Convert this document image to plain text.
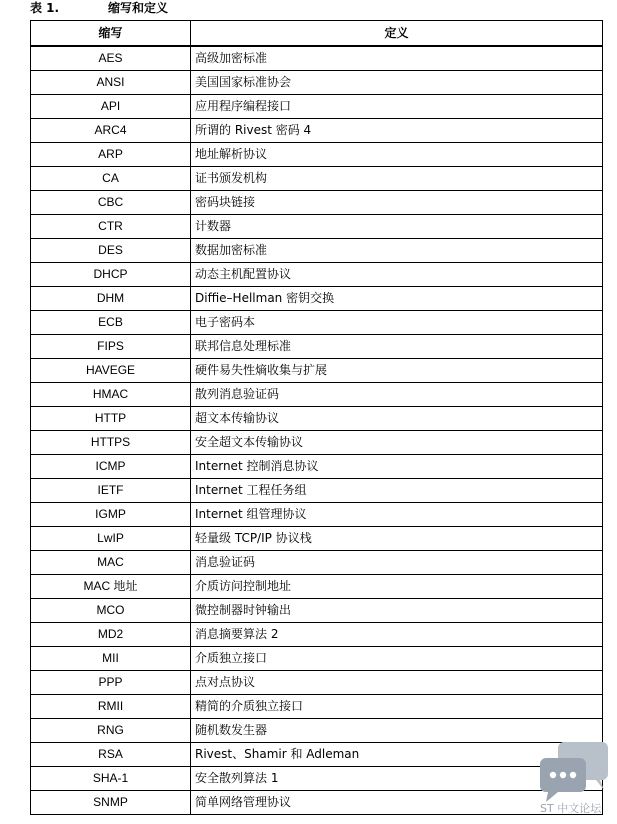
表 1.	缩写和定义
缩写	定义
AES	高级加密标准
ANSI	美国国家标准协会
API	应用程序编程接口
ARC4	所谓的 Rivest 密码 4
ARP	地址解析协议
CA	证书颁发机构
CBC	密码块链接
CTR	计数器
DES	数据加密标准
DHCP	动态主机配置协议
DHM	Diffie–Hellman 密钥交换
ECB	电子密码本
FIPS	联邦信息处理标准
HAVEGE	硬件易失性熵收集与扩展
HMAC	散列消息验证码
HTTP	超文本传输协议
HTTPS	安全超文本传输协议
ICMP	Internet 控制消息协议
IETF	Internet 工程任务组
IGMP	Internet 组管理协议
LwIP	轻量级 TCP/IP 协议栈
MAC	消息验证码
MAC 地址	介质访问控制地址
MCO	微控制器时钟输出
MD2	消息摘要算法 2
MII	介质独立接口
PPP	点对点协议
RMII	精简的介质独立接口
RNG	随机数发生器
RSA	Rivest、Shamir 和 Adleman
SHA-1	安全散列算法 1
SNMP	简单网络管理协议	ST 中文论坛
